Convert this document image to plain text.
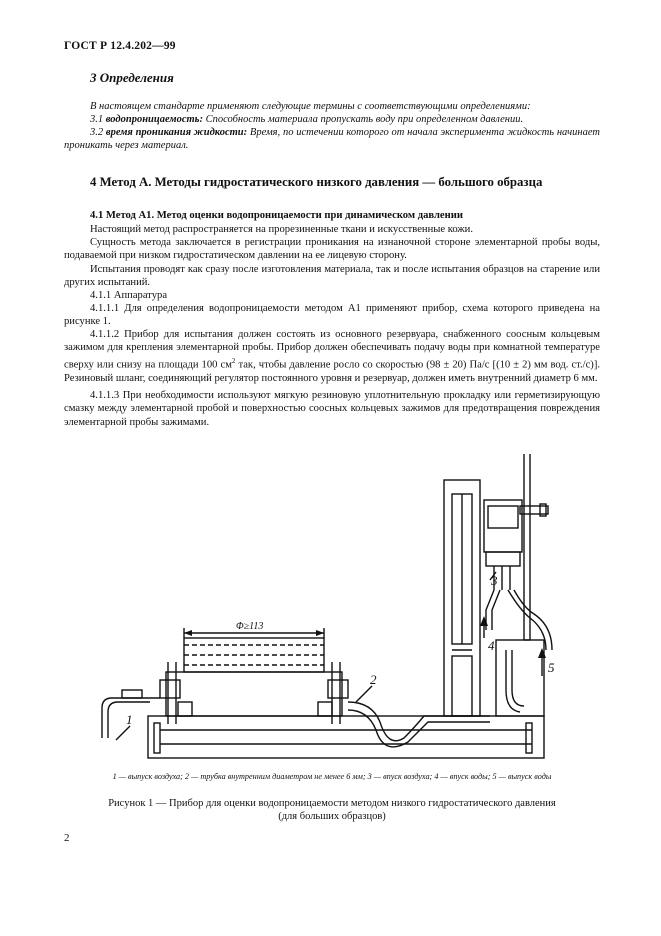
ГОСТ Р 12.4.202—99
3 Определения

В настоящем стандарте применяют следующие термины с соответствующими определениями:

3.1 водопроницаемость: Способность материала пропускать воду при определенном давлении.

3.2 время проникания жидкости: Время, по истечении которого от начала эксперимента жидкость начинает проникать через материал.

4 Метод А. Методы гидростатического низкого давления — большого образца
4.1 Метод А1. Метод оценки водопроницаемости при динамическом давлении

Настоящий метод распространяется на прорезиненные ткани и искусственные кожи.

Сущность метода заключается в регистрации проникания на изнаночной стороне элементарной пробы воды, подаваемой при низком гидростатическом давлении на ее лицевую сторону.

Испытания проводят как сразу после изготовления материала, так и после испытания образцов на старение или других испытаний.

4.1.1 Аппаратура

4.1.1.1 Для определения водопроницаемости методом А1 применяют прибор, схема которого приведена на рисунке 1.

4.1.1.2 Прибор для испытания должен состоять из основного резервуара, снабженного соосным кольцевым зажимом для крепления элементарной пробы. Прибор должен обеспечивать подачу воды при комнатной температуре сверху или снизу на площади 100 $см^2$ так, чтобы давление росло со скоростью (98 ± 20) Па/с [(10 ± 2) мм вод. ст./с)]. Резиновый шланг, соединяющий регулятор постоянного уровня и резервуар, должен иметь внутренний диаметр 6 мм.

4.1.1.3 При необходимости используют мягкую резиновую уплотнительную прокладку или герметизирующую смазку между элементарной пробой и поверхностью соосных кольцевых зажимов для предотвращения повреждения элементарной пробы зажимами.

Φ≥113
1
2
3
4
5
1 — выпуск воздуха; 2 — трубка внутренним диаметром не менее 6 мм; 3 — впуск воздуха; 4 — впуск воды; 5 — выпуск воды
Рисунок 1 — Прибор для оценки водопроницаемости методом низкого гидростатического давления
(для больших образцов)
2
